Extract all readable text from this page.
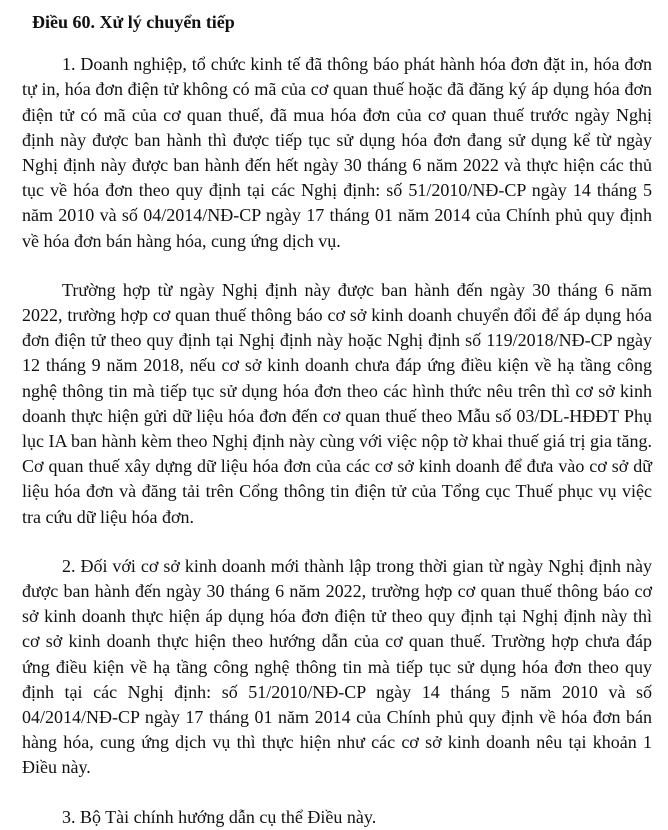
Điều 60. Xử lý chuyển tiếp

1. Doanh nghiệp, tổ chức kinh tế đã thông báo phát hành hóa đơn đặt in, hóa đơn tự in, hóa đơn điện tử không có mã của cơ quan thuế hoặc đã đăng ký áp dụng hóa đơn điện tử có mã của cơ quan thuế, đã mua hóa đơn của cơ quan thuế trước ngày Nghị định này được ban hành thì được tiếp tục sử dụng hóa đơn đang sử dụng kể từ ngày Nghị định này được ban hành đến hết ngày 30 tháng 6 năm 2022 và thực hiện các thủ tục về hóa đơn theo quy định tại các Nghị định: số 51/2010/NĐ-CP ngày 14 tháng 5 năm 2010 và số 04/2014/NĐ-CP ngày 17 tháng 01 năm 2014 của Chính phủ quy định về hóa đơn bán hàng hóa, cung ứng dịch vụ.

Trường hợp từ ngày Nghị định này được ban hành đến ngày 30 tháng 6 năm 2022, trường hợp cơ quan thuế thông báo cơ sở kinh doanh chuyển đổi để áp dụng hóa đơn điện tử theo quy định tại Nghị định này hoặc Nghị định số 119/2018/NĐ-CP ngày 12 tháng 9 năm 2018, nếu cơ sở kinh doanh chưa đáp ứng điều kiện về hạ tầng công nghệ thông tin mà tiếp tục sử dụng hóa đơn theo các hình thức nêu trên thì cơ sở kinh doanh thực hiện gửi dữ liệu hóa đơn đến cơ quan thuế theo Mẫu số 03/DL-HĐĐT Phụ lục IA ban hành kèm theo Nghị định này cùng với việc nộp tờ khai thuế giá trị gia tăng. Cơ quan thuế xây dựng dữ liệu hóa đơn của các cơ sở kinh doanh để đưa vào cơ sở dữ liệu hóa đơn và đăng tải trên Cổng thông tin điện tử của Tổng cục Thuế phục vụ việc tra cứu dữ liệu hóa đơn.

2. Đối với cơ sở kinh doanh mới thành lập trong thời gian từ ngày Nghị định này được ban hành đến ngày 30 tháng 6 năm 2022, trường hợp cơ quan thuế thông báo cơ sở kinh doanh thực hiện áp dụng hóa đơn điện tử theo quy định tại Nghị định này thì cơ sở kinh doanh thực hiện theo hướng dẫn của cơ quan thuế. Trường hợp chưa đáp ứng điều kiện về hạ tầng công nghệ thông tin mà tiếp tục sử dụng hóa đơn theo quy định tại các Nghị định: số 51/2010/NĐ-CP ngày 14 tháng 5 năm 2010 và số 04/2014/NĐ-CP ngày 17 tháng 01 năm 2014 của Chính phủ quy định về hóa đơn bán hàng hóa, cung ứng dịch vụ thì thực hiện như các cơ sở kinh doanh nêu tại khoản 1 Điều này.

3. Bộ Tài chính hướng dẫn cụ thể Điều này.
